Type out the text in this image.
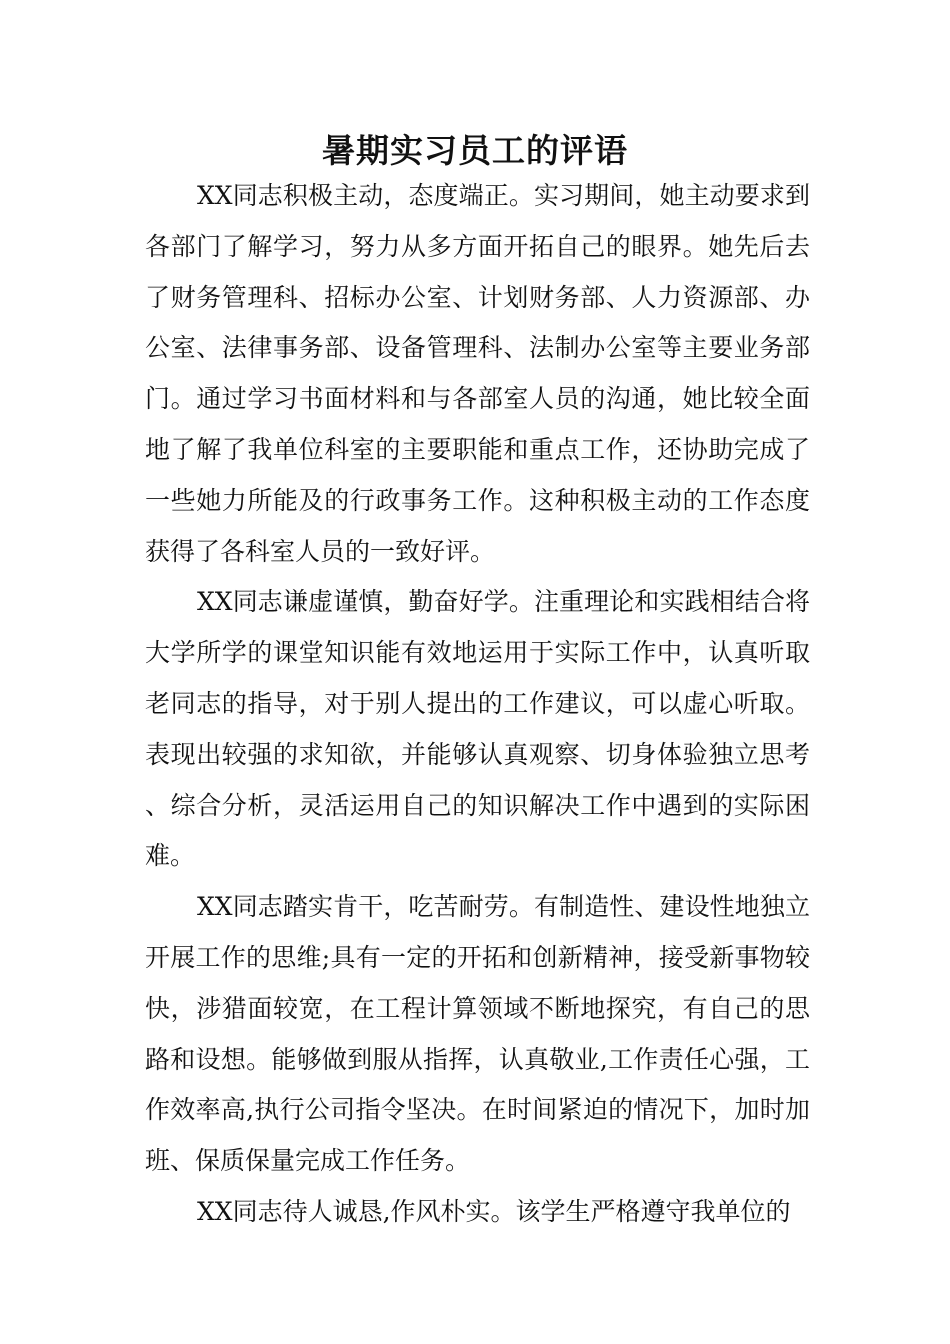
暑期实习员工的评语

XX同志积极主动，态度端正。实习期间，她主动要求到各部门了解学习，努力从多方面开拓自己的眼界。她先后去了财务管理科、招标办公室、计划财务部、人力资源部、办公室、法律事务部、设备管理科、法制办公室等主要业务部门。通过学习书面材料和与各部室人员的沟通，她比较全面地了解了我单位科室的主要职能和重点工作，还协助完成了一些她力所能及的行政事务工作。这种积极主动的工作态度获得了各科室人员的一致好评。

XX同志谦虚谨慎，勤奋好学。注重理论和实践相结合将大学所学的课堂知识能有效地运用于实际工作中，认真听取老同志的指导，对于别人提出的工作建议，可以虚心听取。表现出较强的求知欲，并能够认真观察、切身体验独立思考、综合分析，灵活运用自己的知识解决工作中遇到的实际困难。

XX同志踏实肯干，吃苦耐劳。有制造性、建设性地独立开展工作的思维;具有一定的开拓和创新精神，接受新事物较快，涉猎面较宽，在工程计算领域不断地探究，有自己的思路和设想。能够做到服从指挥，认真敬业,工作责任心强，工作效率高,执行公司指令坚决。在时间紧迫的情况下，加时加班、保质保量完成工作任务。

XX同志待人诚恳,作风朴实。该学生严格遵守我单位的
